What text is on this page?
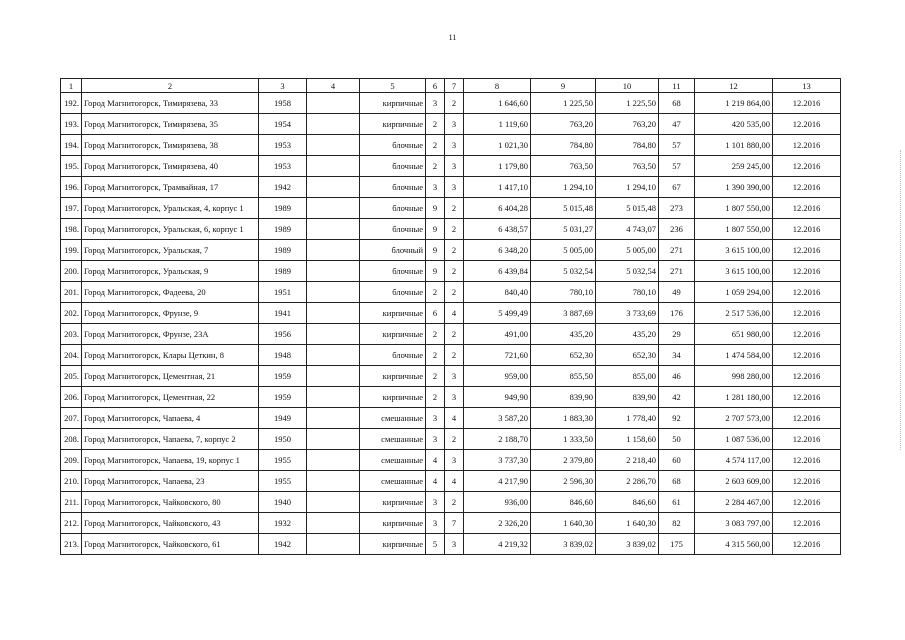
11
1	2	3	4	5	6	7	8	9	10	11	12	13
192.	Город Магнитогорск, Тимирязева, 33	1958		кирпичные	3	2	1 646,60	1 225,50	1 225,50	68	1 219 864,00	12.2016
193.	Город Магнитогорск, Тимирязева, 35	1954		кирпичные	2	3	1 119,60	763,20	763,20	47	420 535,00	12.2016
194.	Город Магнитогорск, Тимирязева, 38	1953		блочные	2	3	1 021,30	784,80	784,80	57	1 101 880,00	12.2016
195.	Город Магнитогорск, Тимирязева, 40	1953		блочные	2	3	1 179,80	763,50	763,50	57	259 245,00	12.2016
196.	Город Магнитогорск, Трамвайная, 17	1942		блочные	3	3	1 417,10	1 294,10	1 294,10	67	1 390 390,00	12.2016
197.	Город Магнитогорск, Уральская, 4, корпус 1	1989		блочные	9	2	6 404,28	5 015,48	5 015,48	273	1 807 550,00	12.2016
198.	Город Магнитогорск, Уральская, 6, корпус 1	1989		блочные	9	2	6 438,57	5 031,27	4 743,07	236	1 807 550,00	12.2016
199.	Город Магнитогорск, Уральская, 7	1989		блочный	9	2	6 348,20	5 005,00	5 005,00	271	3 615 100,00	12.2016
200.	Город Магнитогорск, Уральская, 9	1989		блочные	9	2	6 439,84	5 032,54	5 032,54	271	3 615 100,00	12.2016
201.	Город Магнитогорск, Фадеева, 20	1951		блочные	2	2	840,40	780,10	780,10	49	1 059 294,00	12.2016
202.	Город Магнитогорск, Фрунзе, 9	1941		кирпичные	6	4	5 499,49	3 887,69	3 733,69	176	2 517 536,00	12.2016
203.	Город Магнитогорск, Фрунзе, 23А	1956		кирпичные	2	2	491,00	435,20	435,20	29	651 980,00	12.2016
204.	Город Магнитогорск, Клары Цеткин, 8	1948		блочные	2	2	721,60	652,30	652,30	34	1 474 584,00	12.2016
205.	Город Магнитогорск, Цементная, 21	1959		кирпичные	2	3	959,00	855,50	855,00	46	998 280,00	12.2016
206.	Город Магнитогорск, Цементная, 22	1959		кирпичные	2	3	949,90	839,90	839,90	42	1 281 180,00	12.2016
207.	Город Магнитогорск, Чапаева, 4	1949		смешанные	3	4	3 587,20	1 883,30	1 778,40	92	2 707 573,00	12.2016
208.	Город Магнитогорск, Чапаева, 7, корпус 2	1950		смешанные	3	2	2 188,70	1 333,50	1 158,60	50	1 087 536,00	12.2016
209.	Город Магнитогорск, Чапаева, 19, корпус 1	1955		смешанные	4	3	3 737,30	2 379,80	2 218,40	60	4 574 117,00	12.2016
210.	Город Магнитогорск, Чапаева, 23	1955		смешанные	4	4	4 217,90	2 596,30	2 286,70	68	2 603 609,00	12.2016
211.	Город Магнитогорск, Чайковского, 80	1940		кирпичные	3	2	936,00	846,60	846,60	61	2 284 467,00	12.2016
212.	Город Магнитогорск, Чайковского, 43	1932		кирпичные	3	7	2 326,20	1 640,30	1 640,30	82	3 083 797,00	12.2016
213.	Город Магнитогорск, Чайковского, 61	1942		кирпичные	5	3	4 219,32	3 839,02	3 839,02	175	4 315 560,00	12.2016
